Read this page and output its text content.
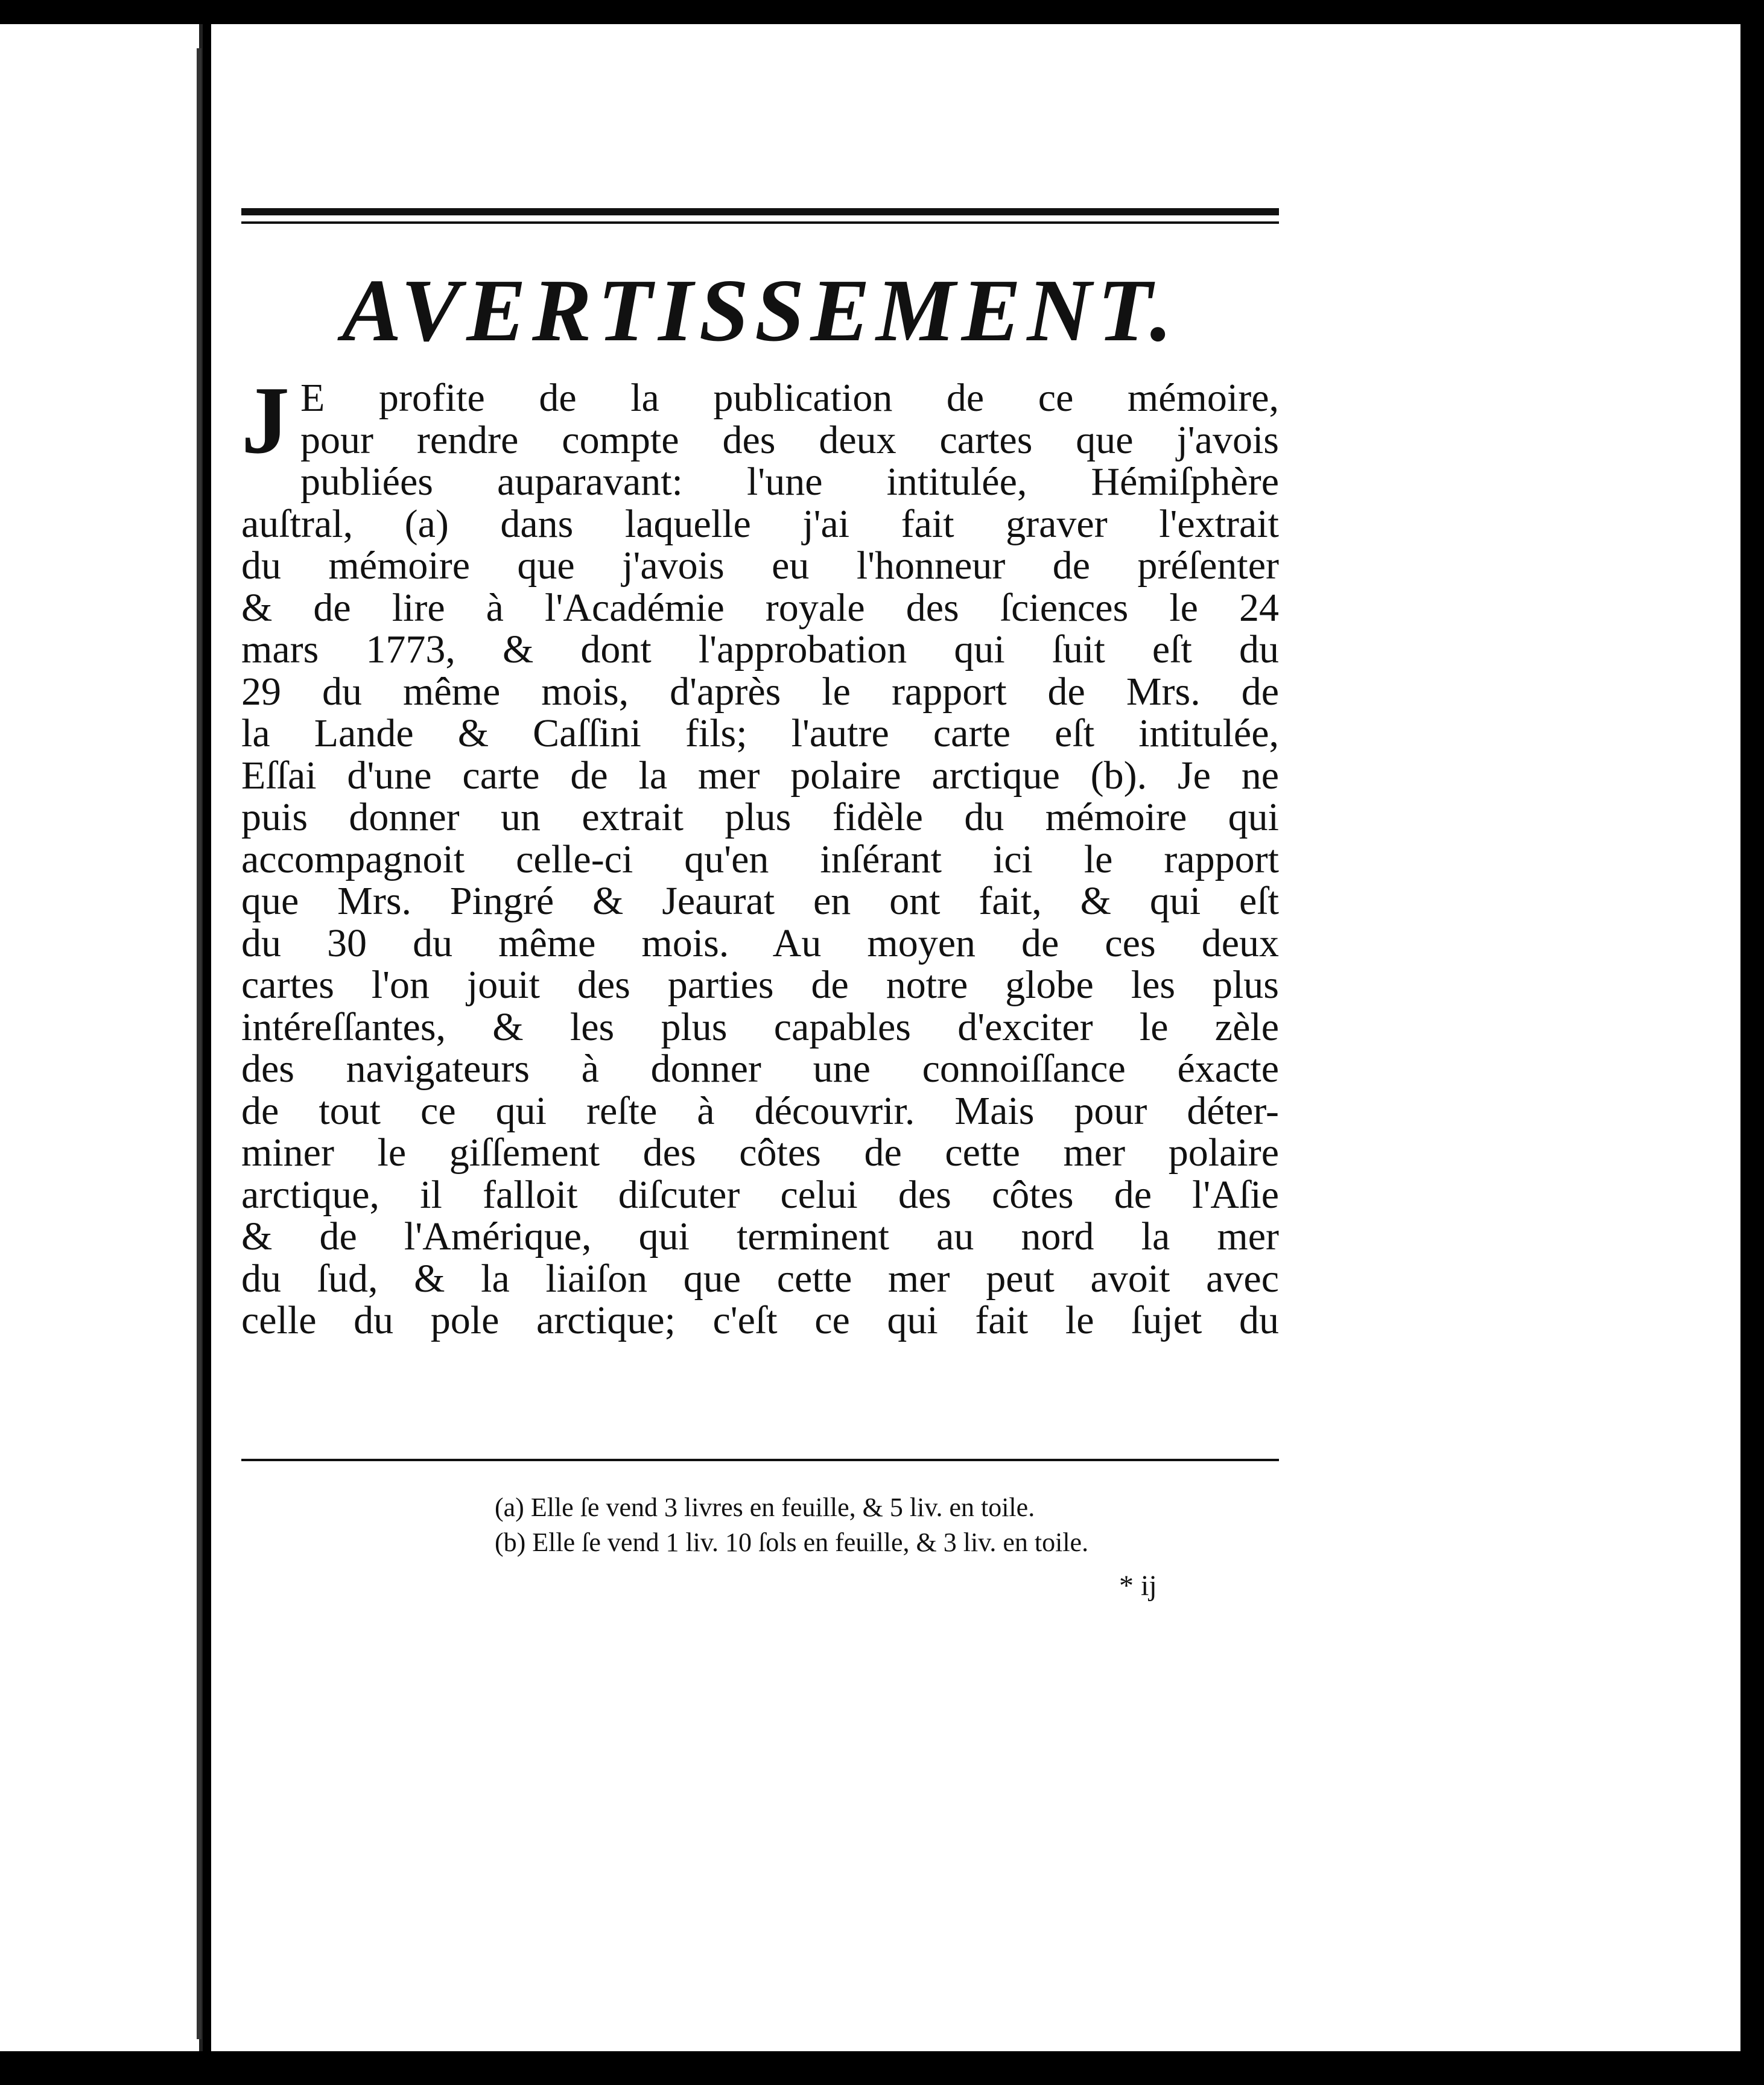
AVERTISSEMENT.
J E profite de la publication de ce mémoire,
pour rendre compte des deux cartes que j'avois
publiées auparavant: l'une intitulée, Hémiſphère
auſtral, (a) dans laquelle j'ai fait graver l'extrait
du mémoire que j'avois eu l'honneur de préſenter
& de lire à l'Académie royale des ſciences le 24
mars 1773, & dont l'approbation qui ſuit eſt du
29 du même mois, d'après le rapport de Mrs. de
la Lande & Caſſini fils; l'autre carte eſt intitulée,
Eſſai d'une carte de la mer polaire arctique (b). Je ne
puis donner un extrait plus fidèle du mémoire qui
accompagnoit celle-ci qu'en inſérant ici le rapport
que Mrs. Pingré & Jeaurat en ont fait, & qui eſt
du 30 du même mois. Au moyen de ces deux
cartes l'on jouit des parties de notre globe les plus
intéreſſantes, & les plus capables d'exciter le zèle
des navigateurs à donner une connoiſſance éxacte
de tout ce qui reſte à découvrir. Mais pour déter-
miner le giſſement des côtes de cette mer polaire
arctique, il falloit diſcuter celui des côtes de l'Aſie
& de l'Amérique, qui terminent au nord la mer
du ſud, & la liaiſon que cette mer peut avoit avec
celle du pole arctique; c'eſt ce qui fait le ſujet du
(a) Elle ſe vend 3 livres en feuille, & 5 liv. en toile.
(b) Elle ſe vend 1 liv. 10 ſols en feuille, & 3 liv. en toile.
* ij
